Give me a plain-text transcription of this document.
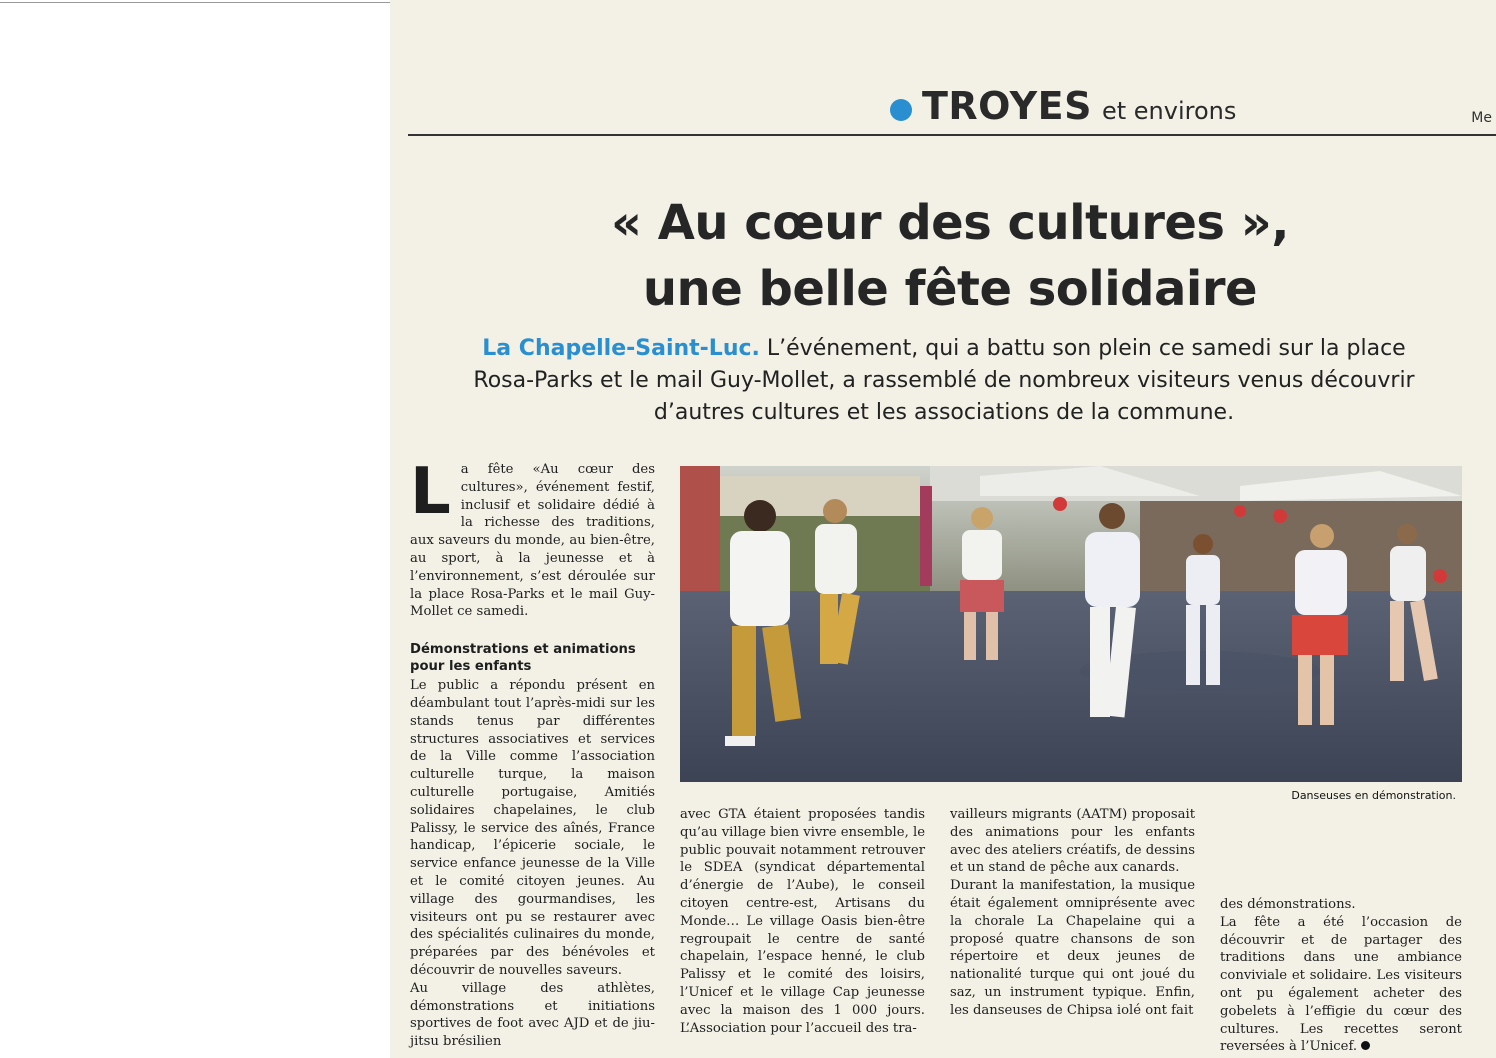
TROYES et environs	Me
« Au cœur des cultures »,
une belle fête solidaire
La Chapelle-Saint-Luc. L’événement, qui a battu son plein ce samedi sur la place
Rosa-Parks et le mail Guy-Mollet, a rassemblé de nombreux visiteurs venus découvrir
d’autres cultures et les associations de la commune.

La fête «Au cœur des cultures», événement festif, inclusif et solidaire dédié à la richesse des traditions, aux saveurs du monde, au bien-être, au sport, à la jeunesse et à l’environnement, s’est déroulée sur la place Rosa-Parks et le mail Guy-Mollet ce samedi.

Démonstrations et animations pour les enfants

Le public a répondu présent en déambulant tout l’après-midi sur les stands tenus par différentes structures associatives et services de la Ville comme l’association culturelle turque, la maison culturelle portugaise, Amitiés solidaires chapelaines, le club Palissy, le service des aînés, France handicap, l’épicerie sociale, le service enfance jeunesse de la Ville et le comité citoyen jeunes. Au village des gourmandises, les visiteurs ont pu se restaurer avec des spécialités culinaires du monde, préparées par des bénévoles et découvrir de nouvelles saveurs.

Au village des athlètes, démonstrations et initiations sportives de foot avec AJD et de jiu-jitsu brésilien

Danseuses en démonstration.

avec GTA étaient proposées tandis qu’au village bien vivre ensemble, le public pouvait notamment retrouver le SDEA (syndicat départemental d’énergie de l’Aube), le conseil citoyen centre-est, Artisans du Monde… Le village Oasis bien-être regroupait le centre de santé chapelain, l’espace henné, le club Palissy et le comité des loisirs, l’Unicef et le village Cap jeunesse avec la maison des 1 000 jours. L’Association pour l’accueil des tra-

vailleurs migrants (AATM) proposait des animations pour les enfants avec des ateliers créatifs, de dessins et un stand de pêche aux canards.

Durant la manifestation, la musique était également omniprésente avec la chorale La Chapelaine qui a proposé quatre chansons de son répertoire et deux jeunes de nationalité turque qui ont joué du saz, un instrument typique. Enfin, les danseuses de Chipsa iolé ont fait

des démonstrations.

La fête a été l’occasion de découvrir et de partager des traditions dans une ambiance conviviale et solidaire. Les visiteurs ont pu également acheter des gobelets à l’effigie du cœur des cultures. Les recettes seront reversées à l’Unicef.
